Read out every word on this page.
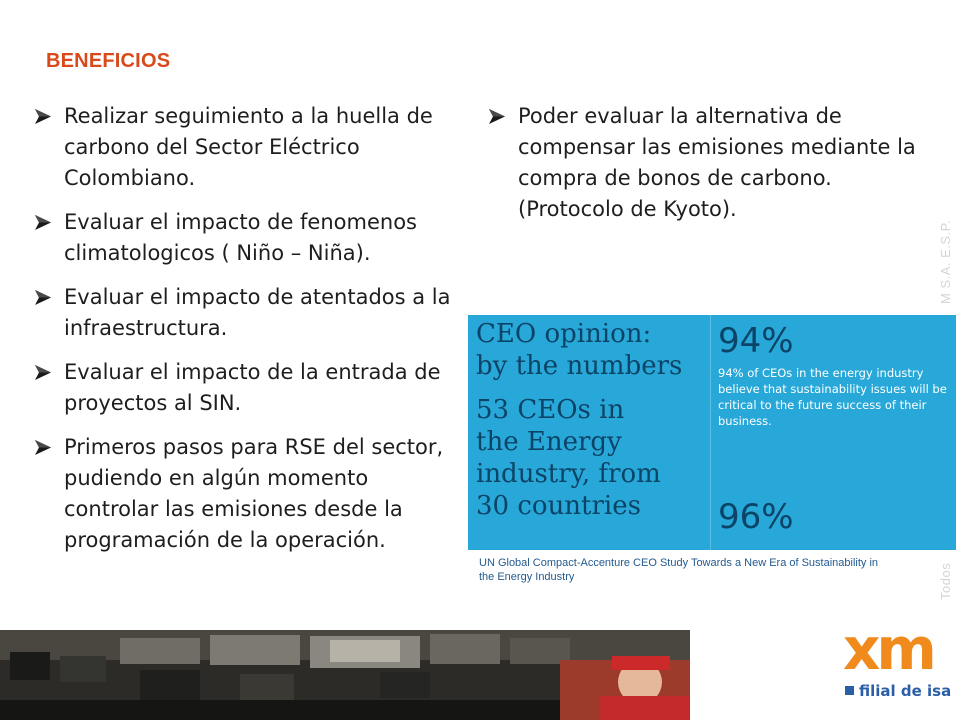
BENEFICIOS
Realizar seguimiento a la huella de carbono del Sector Eléctrico Colombiano.
Evaluar el impacto de fenomenos climatologicos ( Niño – Niña).
Evaluar el impacto de atentados a la infraestructura.
Evaluar el impacto de la entrada de proyectos al SIN.
Primeros pasos para RSE del sector, pudiendo en algún momento controlar las emisiones desde la programación de la operación.
Poder evaluar la alternativa de compensar las emisiones mediante la compra de bonos de carbono. (Protocolo de Kyoto).
Todos
M S.A. E.S.P.
CEO opinion:
by the numbers
53 CEOs in
the Energy
industry, from
30 countries
94%
94% of CEOs in the energy industry believe that sustainability issues will be critical to the future success of their business.
96%
UN Global Compact-Accenture CEO Study Towards a New Era of Sustainability in the Energy Industry
xm
filial de isa
